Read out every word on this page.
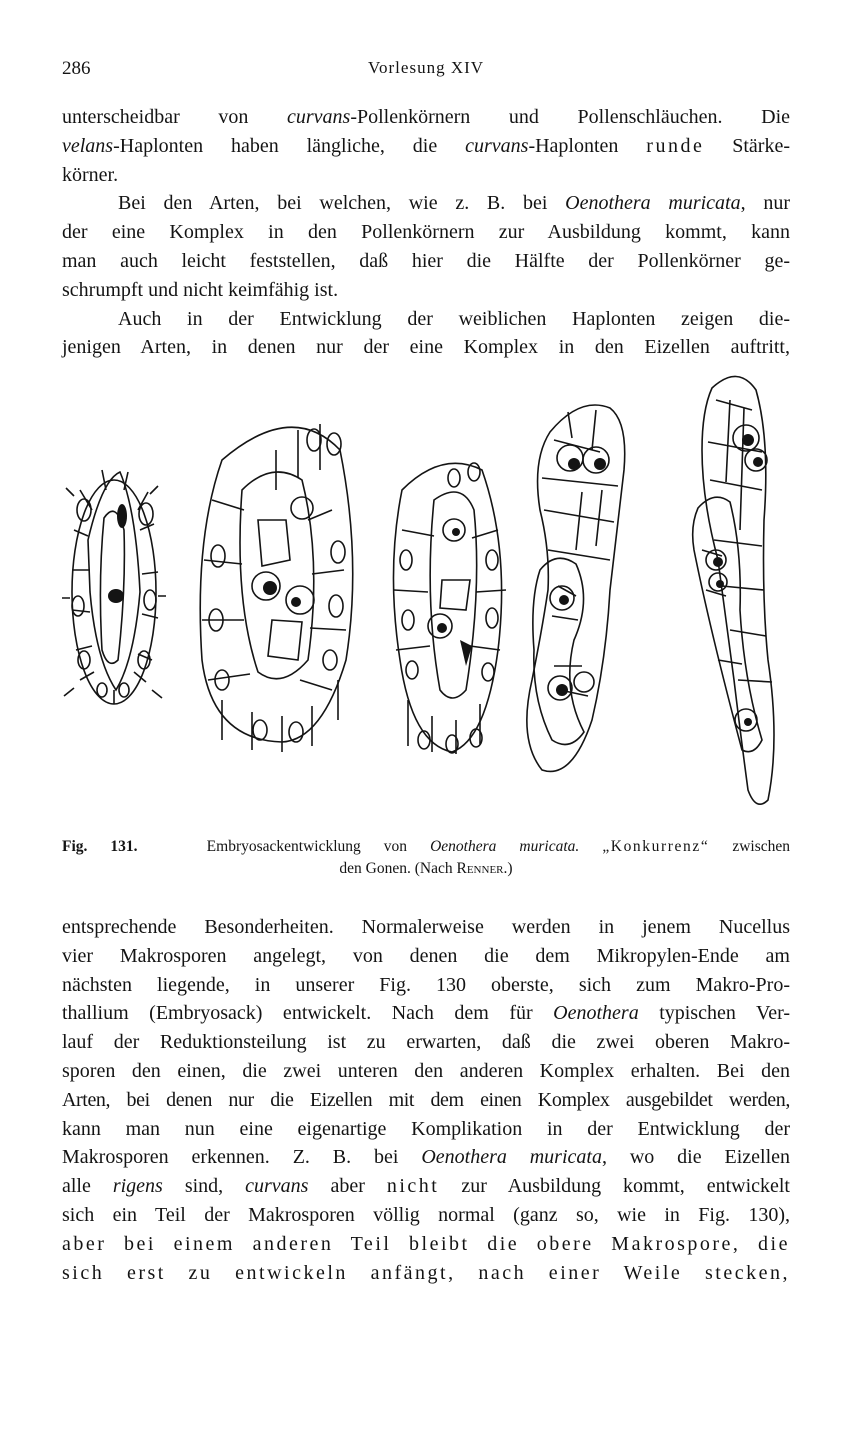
286	Vorlesung XIV

unterscheidbar von curvans-Pollenkörnern und Pollenschläuchen. Die
velans-Haplonten haben längliche, die curvans-Haplonten runde Stärke-
körner.

Bei den Arten, bei welchen, wie z. B. bei Oenothera muricata, nur
der eine Komplex in den Pollenkörnern zur Ausbildung kommt, kann
man auch leicht feststellen, daß hier die Hälfte der Pollenkörner ge-
schrumpft und nicht keimfähig ist.

Auch in der Entwicklung der weiblichen Haplonten zeigen die-
jenigen Arten, in denen nur der eine Komplex in den Eizellen auftritt,

Fig. 131.	Embryosackentwicklung von Oenothera muricata. „Konkurrenz“ zwischen
den Gonen. (Nach Renner.)

entsprechende Besonderheiten. Normalerweise werden in jenem Nucellus
vier Makrosporen angelegt, von denen die dem Mikropylen-Ende am
nächsten liegende, in unserer Fig. 130 oberste, sich zum Makro-Pro-
thallium (Embryosack) entwickelt. Nach dem für Oenothera typischen Ver-
lauf der Reduktionsteilung ist zu erwarten, daß die zwei oberen Makro-
sporen den einen, die zwei unteren den anderen Komplex erhalten. Bei den
Arten, bei denen nur die Eizellen mit dem einen Komplex ausgebildet werden,
kann man nun eine eigenartige Komplikation in der Entwicklung der
Makrosporen erkennen. Z. B. bei Oenothera muricata, wo die Eizellen
alle rigens sind, curvans aber nicht zur Ausbildung kommt, entwickelt
sich ein Teil der Makrosporen völlig normal (ganz so, wie in Fig. 130),
aber bei einem anderen Teil bleibt die obere Makrospore, die
sich erst zu entwickeln anfängt, nach einer Weile stecken,
